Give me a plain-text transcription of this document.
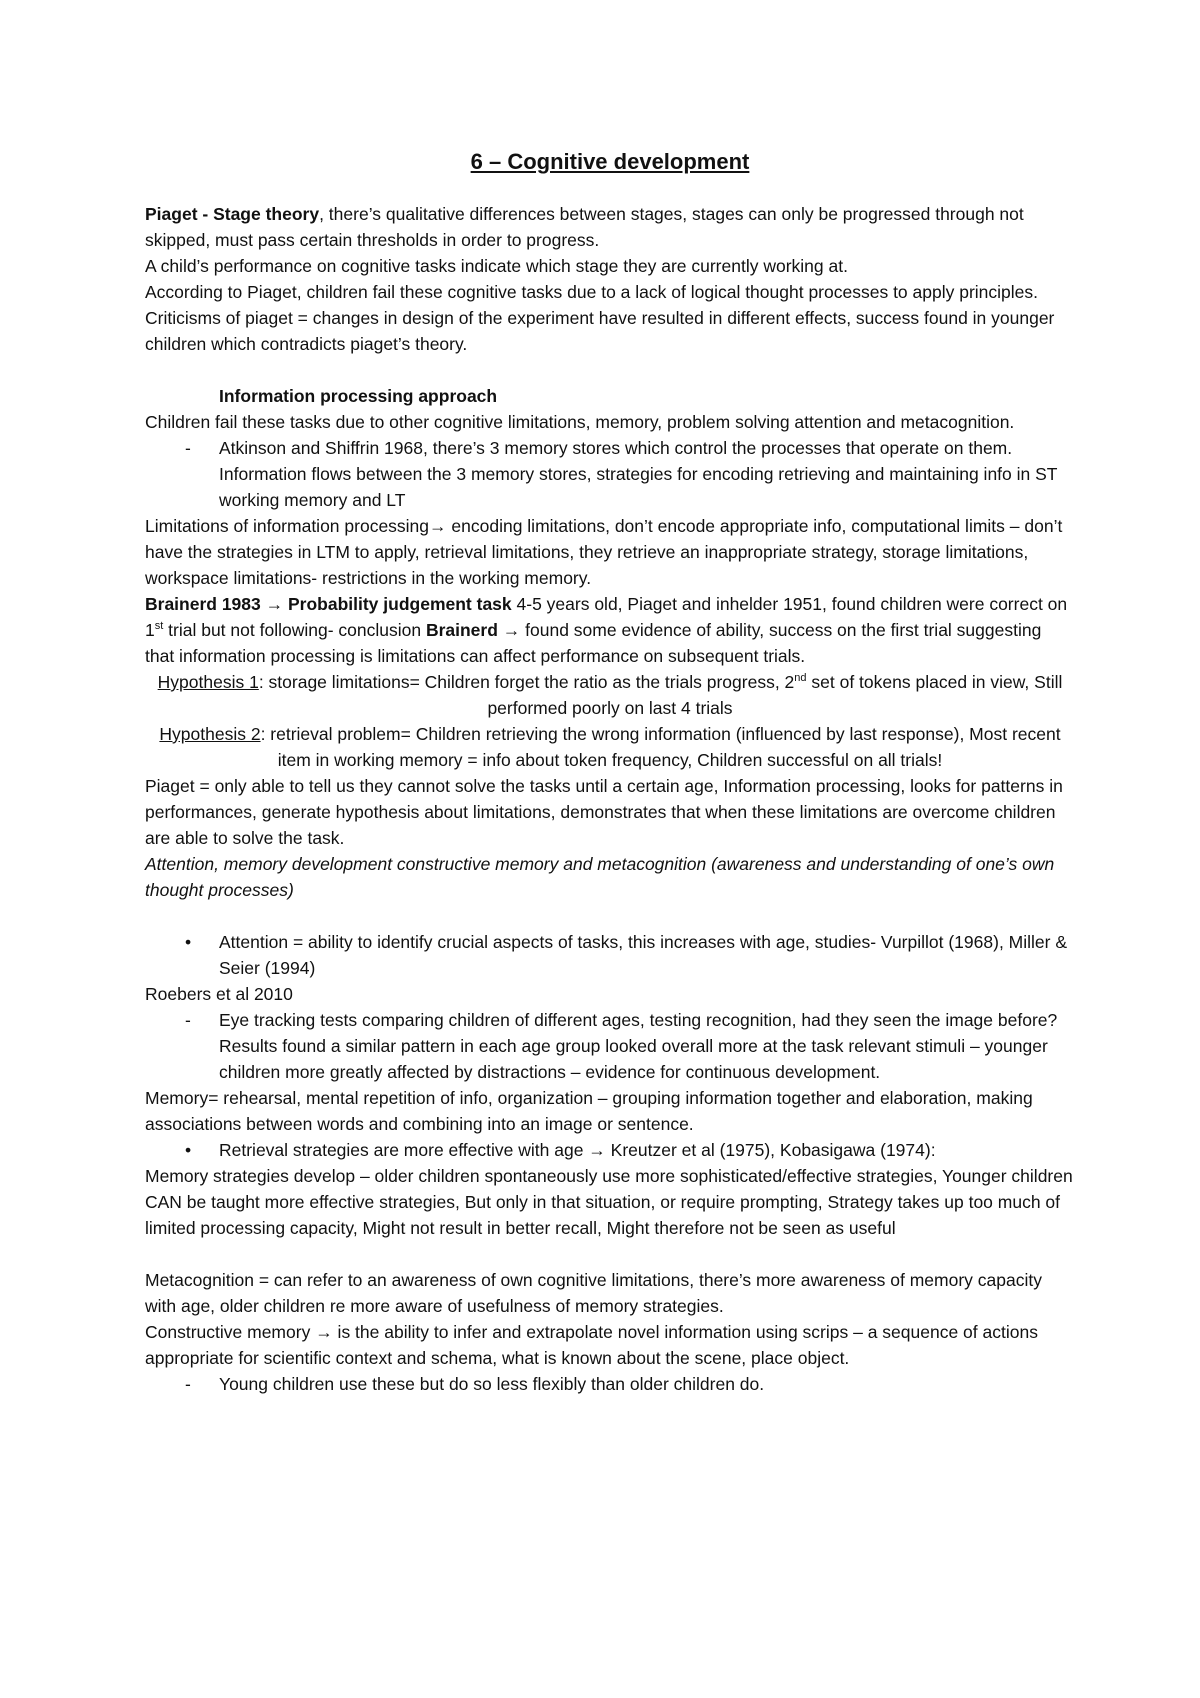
6 – Cognitive development

Piaget - Stage theory, there’s qualitative differences between stages, stages can only be progressed through not skipped, must pass certain thresholds in order to progress.

A child’s performance on cognitive tasks indicate which stage they are currently working at.

According to Piaget, children fail these cognitive tasks due to a lack of logical thought processes to apply principles.

Criticisms of piaget = changes in design of the experiment have resulted in different effects, success found in younger children which contradicts piaget’s theory.

Information processing approach

Children fail these tasks due to other cognitive limitations, memory, problem solving attention and metacognition.

-	Atkinson and Shiffrin 1968, there’s 3 memory stores which control the processes that operate on them. Information flows between the 3 memory stores, strategies for encoding retrieving and maintaining info in ST working memory and LT

Limitations of information processing→ encoding limitations, don’t encode appropriate info, computational limits – don’t have the strategies in LTM to apply, retrieval limitations, they retrieve an inappropriate strategy, storage limitations, workspace limitations- restrictions in the working memory.

Brainerd 1983 → Probability judgement task 4-5 years old, Piaget and inhelder 1951, found children were correct on 1st trial but not following- conclusion Brainerd → found some evidence of ability, success on the first trial suggesting that information processing is limitations can affect performance on subsequent trials.

Hypothesis 1: storage limitations= Children forget the ratio as the trials progress, 2nd set of tokens placed in view, Still performed poorly on last 4 trials

Hypothesis 2: retrieval problem= Children retrieving the wrong information (influenced by last response), Most recent item in working memory = info about token frequency, Children successful on all trials!

Piaget = only able to tell us they cannot solve the tasks until a certain age, Information processing, looks for patterns in performances, generate hypothesis about limitations, demonstrates that when these limitations are overcome children are able to solve the task.

Attention, memory development constructive memory and metacognition (awareness and understanding of one’s own thought processes)

•	Attention = ability to identify crucial aspects of tasks, this increases with age, studies- Vurpillot (1968), Miller & Seier (1994)

Roebers et al 2010

-	Eye tracking tests comparing children of different ages, testing recognition, had they seen the image before? Results found a similar pattern in each age group looked overall more at the task relevant stimuli – younger children more greatly affected by distractions – evidence for continuous development.

Memory= rehearsal, mental repetition of info, organization – grouping information together and elaboration, making associations between words and combining into an image or sentence.

•	Retrieval strategies are more effective with age → Kreutzer et al (1975), Kobasigawa (1974):

Memory strategies develop – older children spontaneously use more sophisticated/effective strategies, Younger children CAN be taught more effective strategies, But only in that situation, or require prompting, Strategy takes up too much of limited processing capacity, Might not result in better recall, Might therefore not be seen as useful

Metacognition = can refer to an awareness of own cognitive limitations, there’s more awareness of memory capacity with age, older children re more aware of usefulness of memory strategies.

Constructive memory → is the ability to infer and extrapolate novel information using scrips – a sequence of actions appropriate for scientific context and schema, what is known about the scene, place object.

-	Young children use these but do so less flexibly than older children do.
